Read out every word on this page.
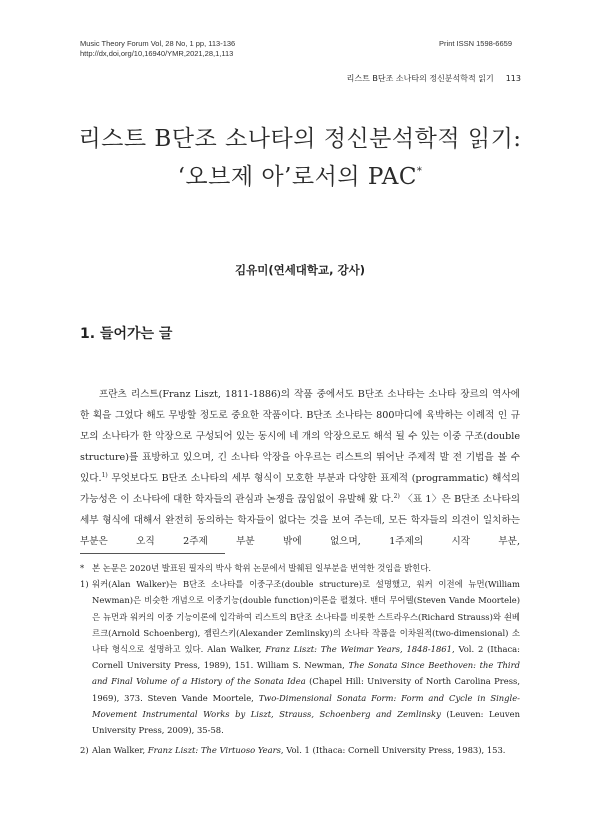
Music Theory Forum Vol, 28 No, 1 pp, 113-136
http://dx,doi,org/10,16940/YMR,2021,28,1,113
Print ISSN 1598-6659
리스트 B단조 소나타의 정신분석학적 읽기 113
리스트 B단조 소나타의 정신분석학적 읽기:
‘오브제 아’로서의 PAC*
김유미(연세대학교, 강사)
1. 들어가는 글

프란츠 리스트(Franz Liszt, 1811-1886)의 작품 중에서도 B단조 소나타는 소나타 장르의 역사에 한 획을 그었다 해도 무방할 정도로 중요한 작품이다. B단조 소나타는 800마디에 육박하는 이례적 인 규모의 소나타가 한 악장으로 구성되어 있는 동시에 네 개의 악장으로도 해석 될 수 있는 이중 구조(double structure)를 표방하고 있으며, 긴 소나타 악장을 아우르는 리스트의 뛰어난 주제적 발 전 기법을 볼 수 있다.$^{1)}$ 무엇보다도 B단조 소나타의 세부 형식이 모호한 부분과 다양한 표제적 (programmatic) 해석의 가능성은 이 소나타에 대한 학자들의 관심과 논쟁을 끊임없이 유발해 왔 다.$^{2)}$ 〈표 1〉은 B단조 소나타의 세부 형식에 대해서 완전히 동의하는 학자들이 없다는 것을 보여 주는데, 모든 학자들의 의견이 일치하는 부분은 오직 2주제 부분 밖에 없으며, 1주제의 시작 부분,

* 본 논문은 2020년 발표된 필자의 박사 학위 논문에서 발췌된 일부분을 번역한 것임을 밝힌다.
1) 워커(Alan Walker)는 B단조 소나타를 이중구조(double structure)로 설명했고, 워커 이전에 뉴먼(William Newman)은 비슷한 개념으로 이중기능(double function)이론을 펼쳤다. 밴더 무어텔(Steven Vande Moortele)은 뉴먼과 워커의 이중 기능이론에 입각하여 리스트의 B단조 소나타를 비롯한 스트라우스(Richard Strauss)와 쇤베르크(Arnold Schoenberg), 젬린스키(Alexander Zemlinsky)의 소나타 작품을 이차원적(two-dimensional) 소나타 형식으로 설명하고 있다. Alan Walker, Franz Liszt: The Weimar Years, 1848-1861, Vol. 2 (Ithaca: Cornell University Press, 1989), 151. William S. Newman, The Sonata Since Beethoven: the Third and Final Volume of a History of the Sonata Idea (Chapel Hill: University of North Carolina Press, 1969), 373. Steven Vande Moortele, Two-Dimensional Sonata Form: Form and Cycle in Single-Movement Instrumental Works by Liszt, Strauss, Schoenberg and Zemlinsky (Leuven: Leuven University Press, 2009), 35-58.
2) Alan Walker, Franz Liszt: The Virtuoso Years, Vol. 1 (Ithaca: Cornell University Press, 1983), 153.
